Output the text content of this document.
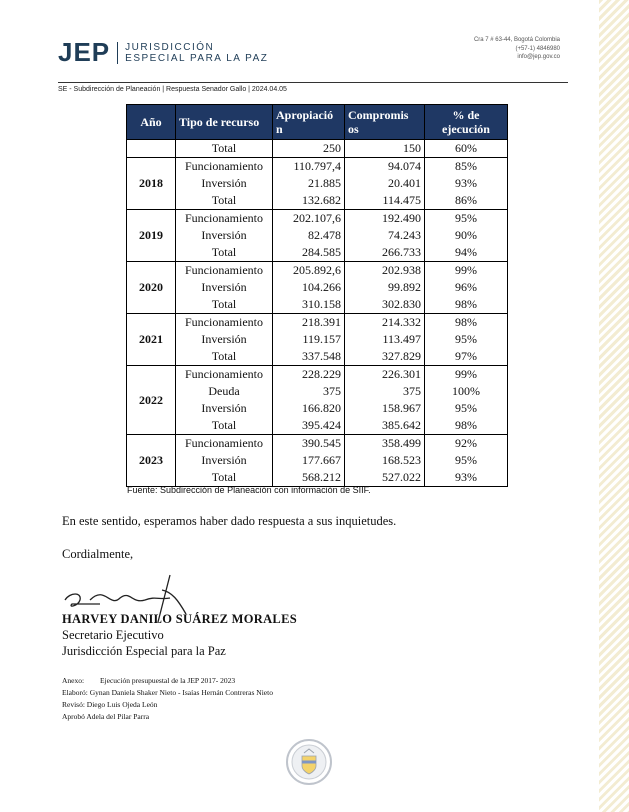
JEP JURISDICCIÓN
ESPECIAL PARA LA PAZ
Cra 7 # 63-44, Bogotá Colombia
(+57-1) 4846980
info@jep.gov.co
SE - Subdirección de Planeación | Respuesta Senador Gallo | 2024.04.05
Año	Tipo de recurso	Apropiació n	Compromis os	% de ejecución
	Total	250	150	60%
2018	Funcionamiento	110.797,4	94.074	85%
	Inversión	21.885	20.401	93%
	Total	132.682	114.475	86%
2019	Funcionamiento	202.107,6	192.490	95%
	Inversión	82.478	74.243	90%
	Total	284.585	266.733	94%
2020	Funcionamiento	205.892,6	202.938	99%
	Inversión	104.266	99.892	96%
	Total	310.158	302.830	98%
2021	Funcionamiento	218.391	214.332	98%
	Inversión	119.157	113.497	95%
	Total	337.548	327.829	97%
2022	Funcionamiento	228.229	226.301	99%
	Deuda	375	375	100%
	Inversión	166.820	158.967	95%
	Total	395.424	385.642	98%
2023	Funcionamiento	390.545	358.499	92%
	Inversión	177.667	168.523	95%
	Total	568.212	527.022	93%
Fuente: Subdirección de Planeación con información de SIIF.
En este sentido, esperamos haber dado respuesta a sus inquietudes.
Cordialmente,
HARVEY DANILO SUÁREZ MORALES
Secretario Ejecutivo
Jurisdicción Especial para la Paz
Anexo: Ejecución presupuestal de la JEP 2017- 2023
Elaboró: Gynan Daniela Shaker Nieto - Isaías Hernán Contreras Nieto
Revisó: Diego Luis Ojeda León
Aprobó Adela del Pilar Parra
